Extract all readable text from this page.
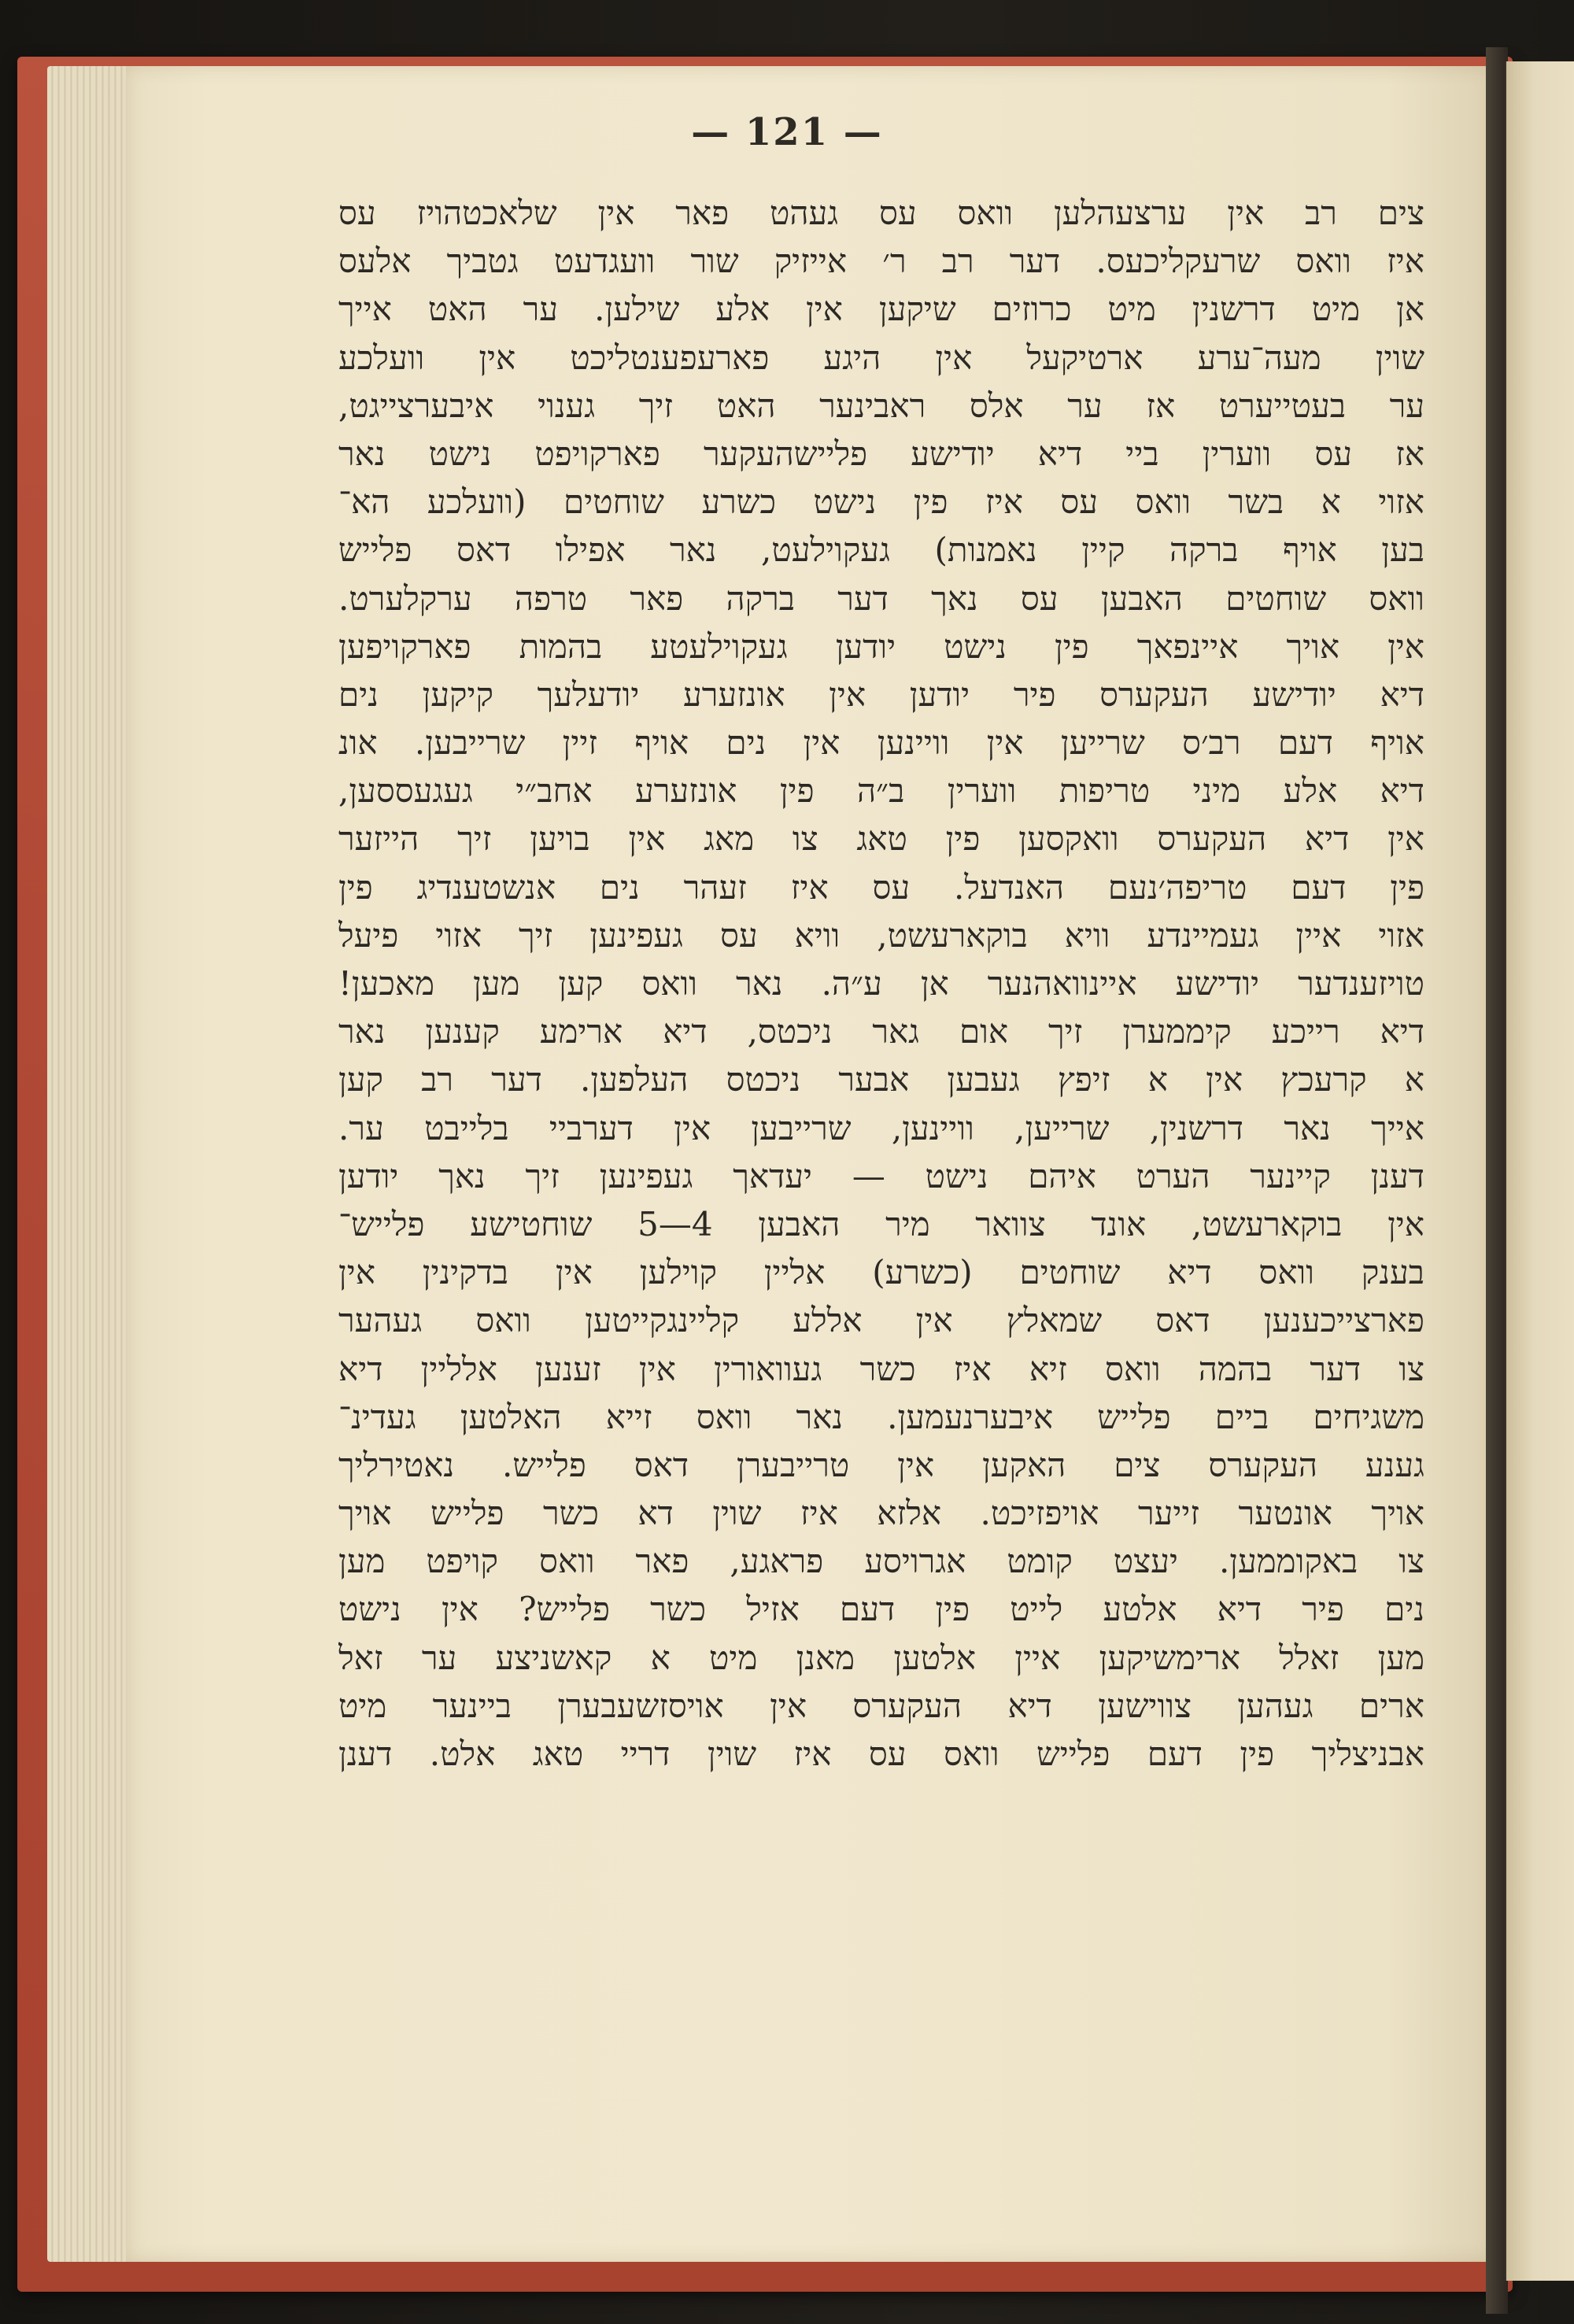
— 121 —
צים רב אין ערצעהלען וואס עס געהט פאר אין שלאכטהויז עס
איז וואס שרעקליכעס. דער רב ר׳ אייזיק שור וועגדעט גטביך אלעס
אן מיט דרשנין מיט כרוזים שיקען אין אלע שילען. ער האט אייך
שוין מעה־ערע ארטיקעל אין היגע פארעפענטליכט אין וועלכע
ער בעטייערט אז ער אלס ראבינער האט זיך גענוי איבערצייגט,
אז עס ווערין ביי דיא יודישע פליישהעקער פארקויפט נישט נאר
אזוי א בשר וואס עס איז פין נישט כשרע שוחטים (וועלכע הא־
בען אויף ברקה קיין נאמנות) געקוילעט, נאר אפילו דאס פלייש
וואס שוחטים האבען עס נאך דער ברקה פאר טרפה ערקלערט.
אין אויך איינפאך פין נישט יודען געקוילעטע בהמות פארקויפען
דיא יודישע העקערס פיר יודען אין אונזערע יודעלעך קיקען נים
אויף דעם רב׳ס שרייען אין וויינען אין נים אויף זיין שרייבען. אונ
דיא אלע מיני טריפות ווערין ב״ה פין אונזערע אחב״י געגעססען,
אין דיא העקערס וואקסען פין טאג צו מאג אין בויען זיך הייזער
פין דעם טריפה׳נעם האנדעל. עס איז זעהר נים אנשטענדיג פין
אזוי איין געמיינדע וויא בוקארעשט, וויא עס געפינען זיך אזוי פיעל
טויזענדער יודישע איינוואהנער אן ע״ה. נאר וואס קען מען מאכען!
דיא רייכע קיממערן זיך אום גאר ניכטס, דיא ארימע קענען נאר
א קרעכץ אין א זיפץ געבען אבער ניכטס העלפען. דער רב קען
אייך נאר דרשנין, שרייען, וויינען, שרייבען אין דערביי בלייבט ער.
דענן קיינער הערט איהם נישט — יעדאך געפינען זיך נאך יודען
אין בוקארעשט, אונד צוואר מיר האבען 4—5 שוחטישע פלייש־
בענק וואס דיא שוחטים (כשרע) אליין קוילען אין בדקינין אין
פארצייכענען דאס שמאלץ אין אללע קליינגקייטען וואס געהער
צו דער בהמה וואס זיא איז כשר געוואורין אין זענען אלליין דיא
משגיחים ביים פלייש איבערנעמען. נאר וואס זייא האלטען געדינ־
גענע העקערס צים האקען אין טרייבערן דאס פלייש. נאטירליך
אויך אונטער זייער אויפזיכט. אלזא איז שוין דא כשר פלייש אויך
צו באקוממען. יעצט קומט אגרויסע פראגע, פאר וואס קויפט מען
נים פיר דיא אלטע לייט פין דעם אזיל כשר פלייש? אין נישט
מען זאלל ארימשיקען איין אלטען מאנן מיט א קאשניצע ער זאל
ארים געהען צווישען דיא העקערס אין אויסזשעבערן ביינער מיט
אבניצליך פין דעם פלייש וואס עס איז שוין דריי טאג אלט. דענן
